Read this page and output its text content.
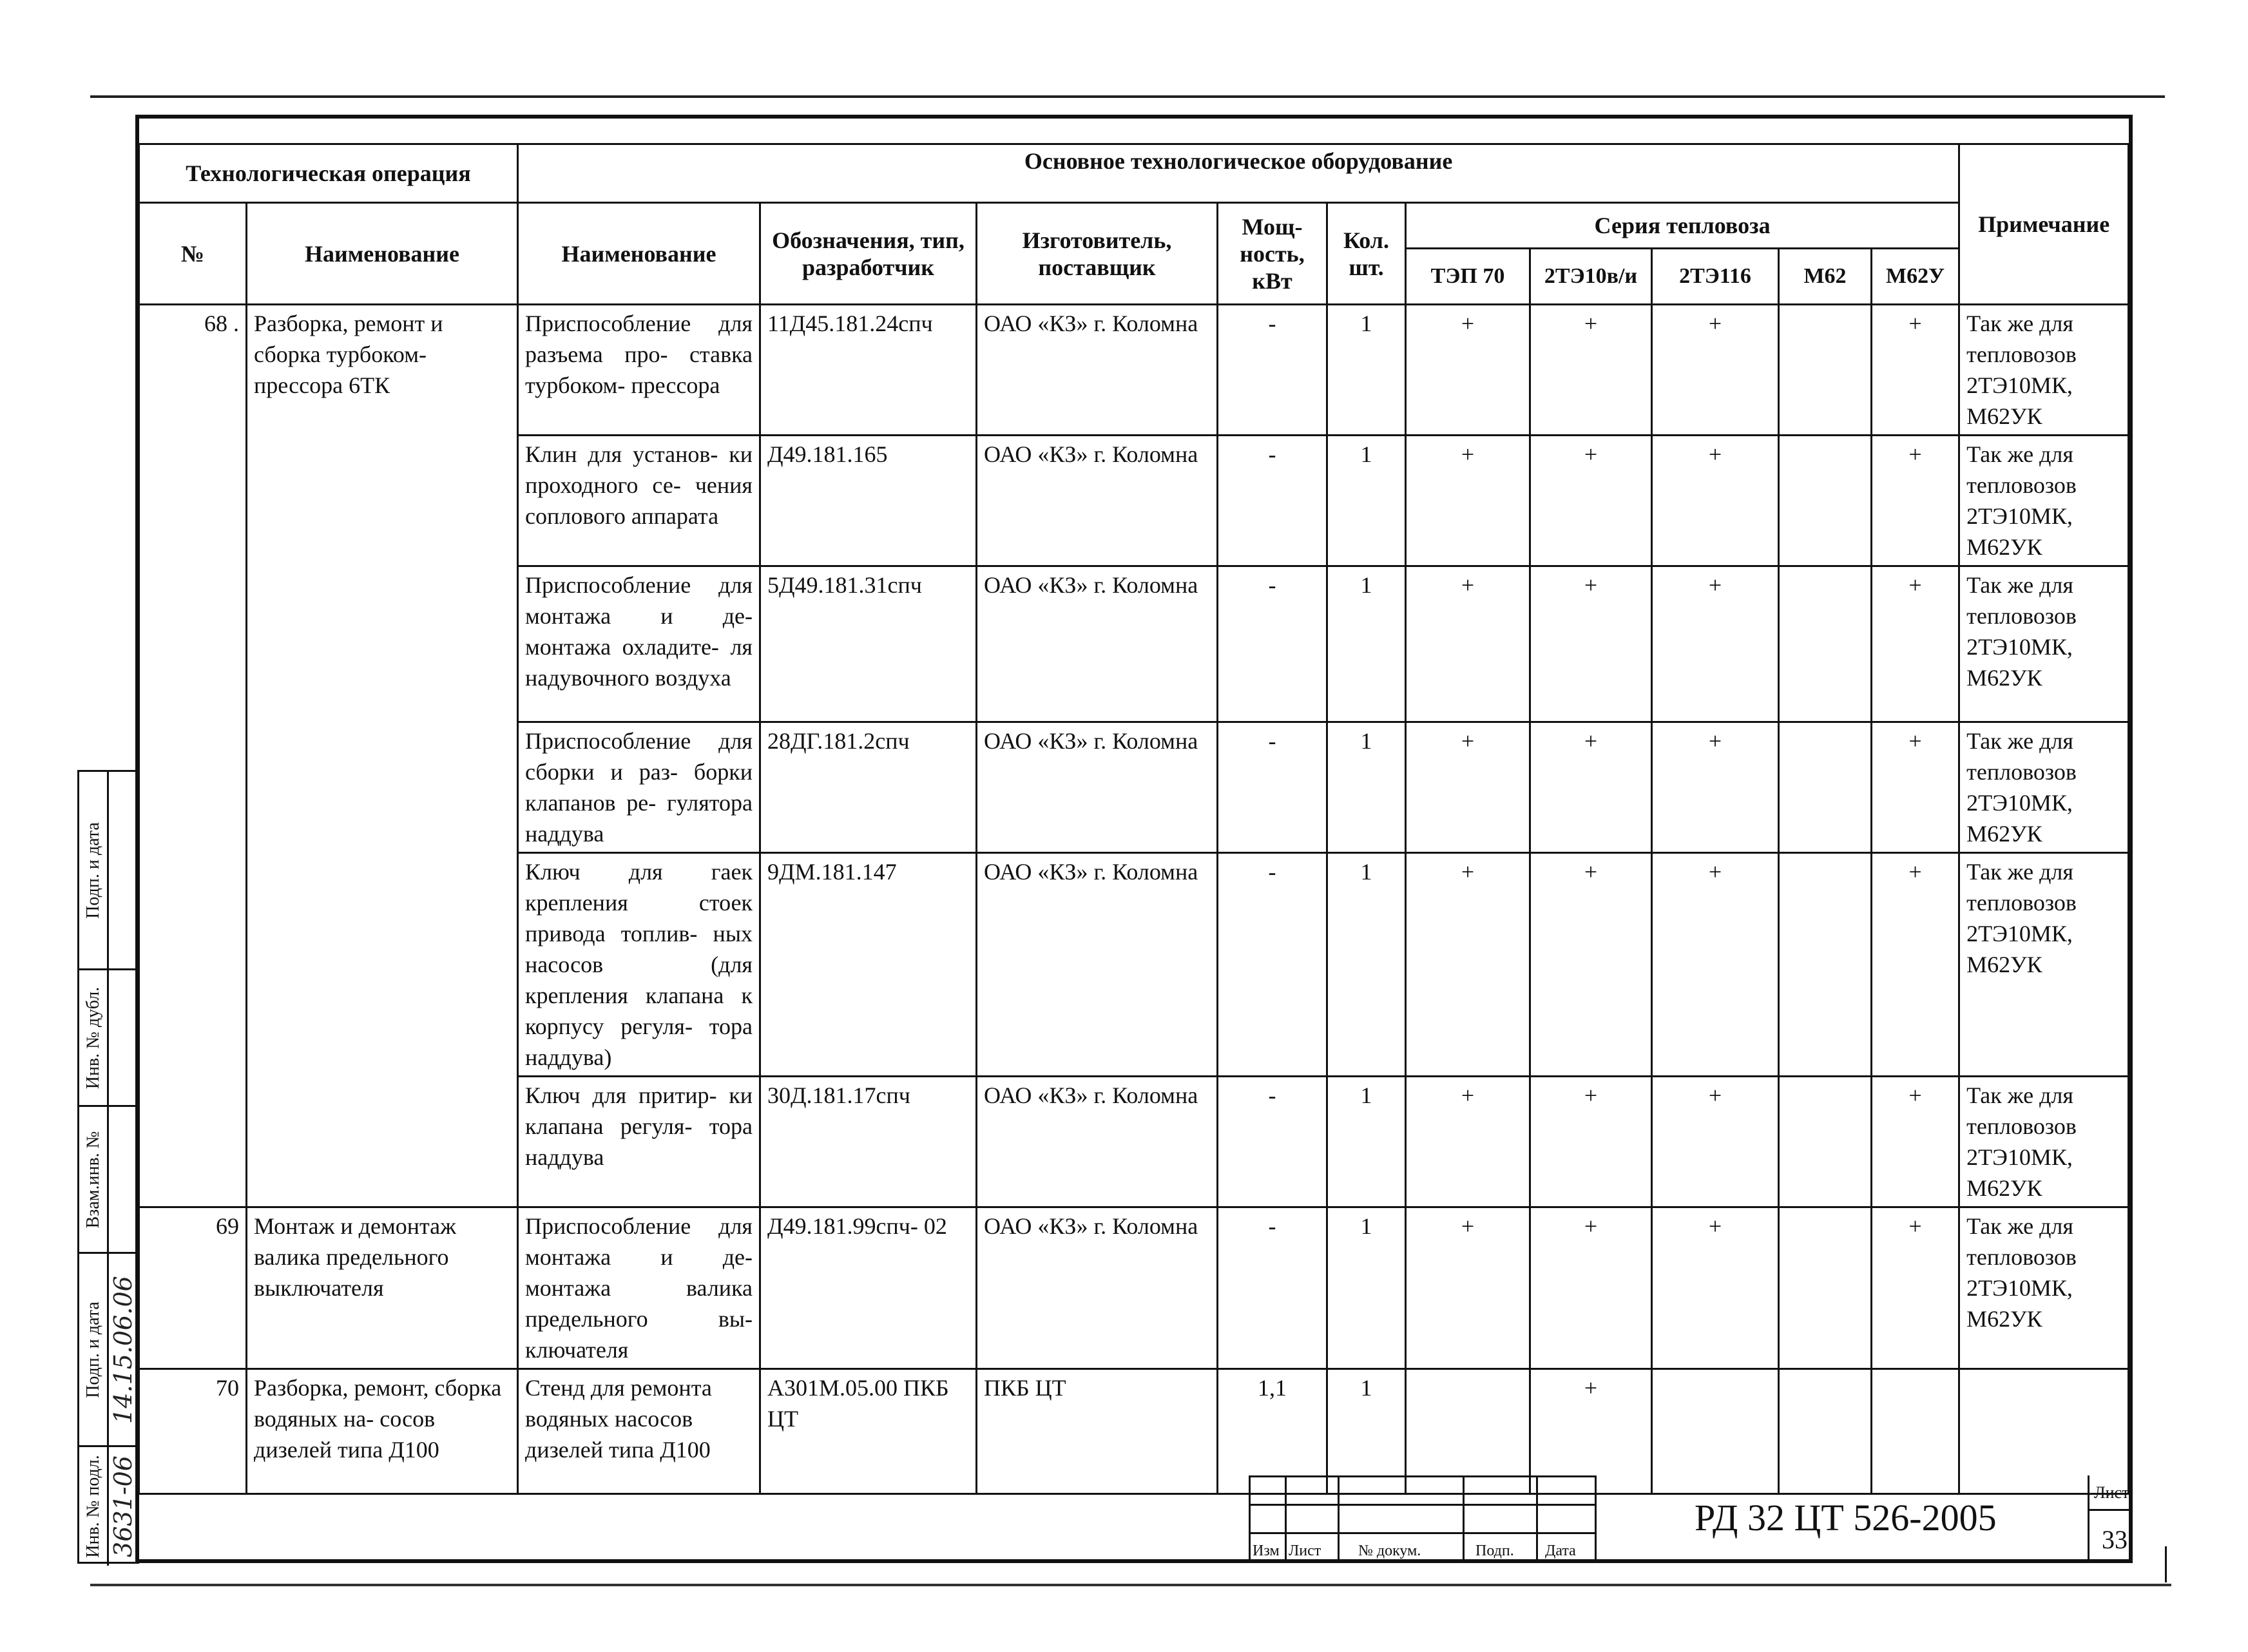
Технологическая операция		Основное технологическое оборудование										Примечание
№	Наименование	Наименование	Обозначения, тип, разработчик	Изготовитель, поставщик	Мощ- ность, кВт	Кол. шт.	Серия тепловоза					
							ТЭП 70	2ТЭ10в/и	2ТЭ116	М62	М62У	
68 .	Разборка, ремонт и сборка турбоком- прессора 6ТК	Приспособление для разъема про- ставка турбоком- прессора	11Д45.181.24спч	ОАО «КЗ» г. Коломна	-	1	+	+	+		+	Так же для тепловозов 2ТЭ10МК, М62УК
		Клин для установ- ки проходного се- чения соплового аппарата	Д49.181.165	ОАО «КЗ» г. Коломна	-	1	+	+	+		+	Так же для тепловозов 2ТЭ10МК, М62УК
		Приспособление для монтажа и де- монтажа охладите- ля надувочного воздуха	5Д49.181.31спч	ОАО «КЗ» г. Коломна	-	1	+	+	+		+	Так же для тепловозов 2ТЭ10МК, М62УК
		Приспособление для сборки и раз- борки клапанов ре- гулятора наддува	28ДГ.181.2спч	ОАО «КЗ» г. Коломна	-	1	+	+	+		+	Так же для тепловозов 2ТЭ10МК, М62УК
		Ключ для гаек крепления стоек привода топлив- ных насосов (для крепления клапана к корпусу регуля- тора наддува)	9ДМ.181.147	ОАО «КЗ» г. Коломна	-	1	+	+	+		+	Так же для тепловозов 2ТЭ10МК, М62УК
		Ключ для притир- ки клапана регуля- тора наддува	30Д.181.17спч	ОАО «КЗ» г. Коломна	-	1	+	+	+		+	Так же для тепловозов 2ТЭ10МК, М62УК
69	Монтаж и демонтаж валика предельного выключателя	Приспособление для монтажа и де- монтажа валика предельного вы- ключателя	Д49.181.99спч- 02	ОАО «КЗ» г. Коломна	-	1	+	+	+		+	Так же для тепловозов 2ТЭ10МК, М62УК
70	Разборка, ремонт, сборка водяных на- сосов дизелей типа Д100	Стенд для ремонта водяных насосов дизелей типа Д100	А301М.05.00 ПКБ ЦТ	ПКБ ЦТ	1,1	1		+				
Подп. и дата
Инв. № дубл.
Взам.инв. №
Подп. и дата 14.15.06.06
Инв. № подл. 3631-06	Изм Лист № докум.	Подп. Дата
РД 32 ЦТ 526-2005
Лист
33
